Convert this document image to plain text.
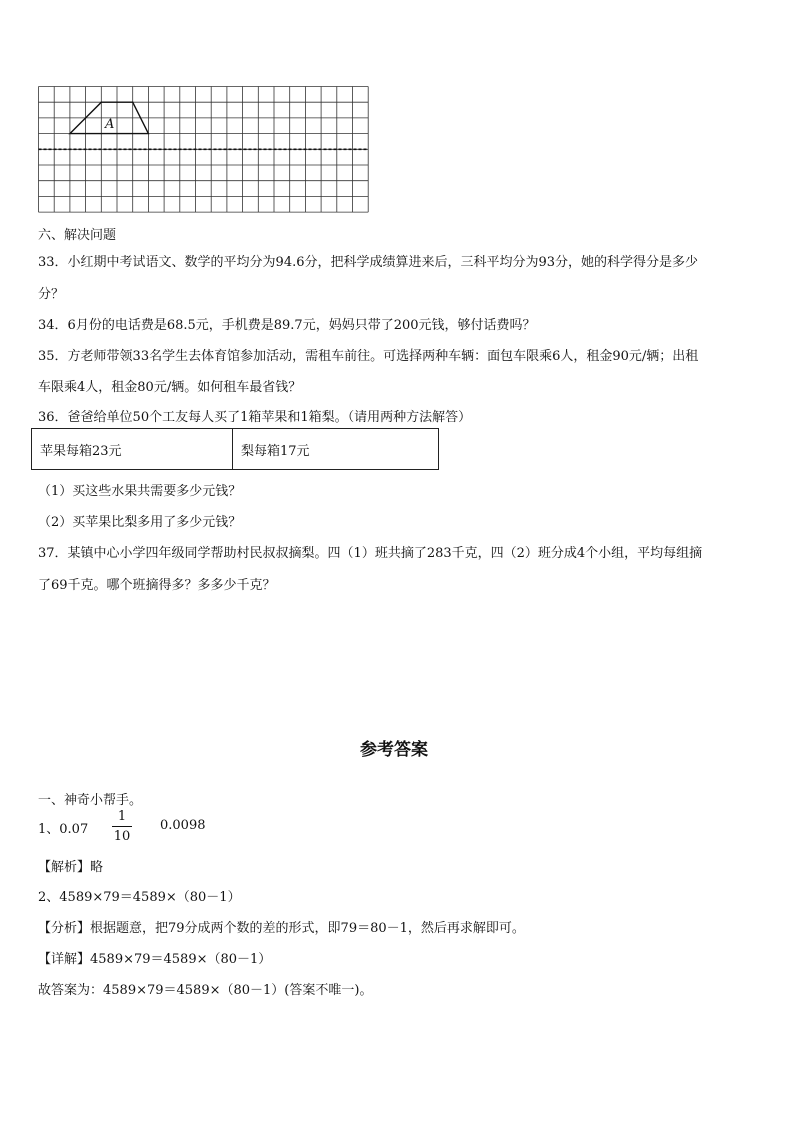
A
六、解决问题
33．小红期中考试语文、数学的平均分为94.6分，把科学成绩算进来后，三科平均分为93分，她的科学得分是多少
分？
34．6月份的电话费是68.5元，手机费是89.7元，妈妈只带了200元钱，够付话费吗？
35．方老师带领33名学生去体育馆参加活动，需租车前往。可选择两种车辆：面包车限乘6人，租金90元/辆；出租
车限乘4人，租金80元/辆。如何租车最省钱？
36．爸爸给单位50个工友每人买了1箱苹果和1箱梨。（请用两种方法解答）
苹果每箱23元	梨每箱17元
（1）买这些水果共需要多少元钱？
（2）买苹果比梨多用了多少元钱？
37．某镇中心小学四年级同学帮助村民叔叔摘梨。四（1）班共摘了283千克，四（2）班分成4个小组，平均每组摘
了69千克。哪个班摘得多？多多少千克？
参考答案
一、神奇小帮手。
1、0.07
1
10
0.0098
【解析】略
2、4589×79＝4589×（80－1）
【分析】根据题意，把79分成两个数的差的形式，即79＝80－1，然后再求解即可。
【详解】4589×79＝4589×（80－1）
故答案为：4589×79＝4589×（80－1）(答案不唯一)。
